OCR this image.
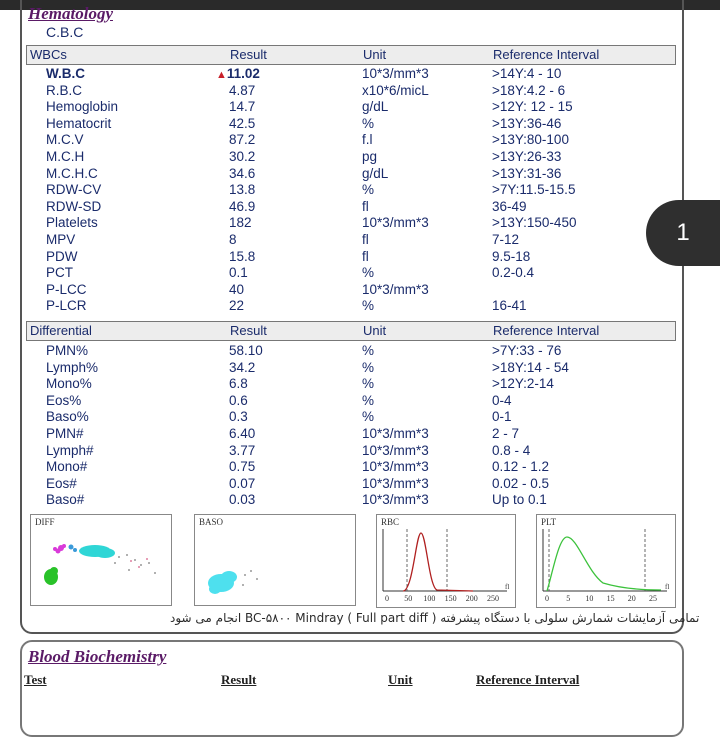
Hematology
C.B.C
WBCs	Result	Unit	Reference Interval
W.B.C	▲11.02	10*3/mm*3	>14Y:4 - 10
R.B.C	4.87	x10*6/micL	>18Y:4.2 - 6
Hemoglobin	14.7	g/dL	>12Y: 12 - 15
Hematocrit	42.5	%	>13Y:36-46
M.C.V	87.2	f.l	>13Y:80-100
M.C.H	30.2	pg	>13Y:26-33
M.C.H.C	34.6	g/dL	>13Y:31-36
RDW-CV	13.8	%	>7Y:11.5-15.5
RDW-SD	46.9	fl	36-49
Platelets	182	10*3/mm*3	>13Y:150-450
MPV	8	fl	7-12
PDW	15.8	fl	9.5-18
PCT	0.1	%	0.2-0.4
P-LCC	40	10*3/mm*3
P-LCR	22	%	16-41
Differential	Result	Unit	Reference Interval
PMN%	58.10	%	>7Y:33 - 76
Lymph%	34.2	%	>18Y:14 - 54
Mono%	6.8	%	>12Y:2-14
Eos%	0.6	%	0-4
Baso%	0.3	%	0-1
PMN#	6.40	10*3/mm*3	2 - 7
Lymph#	3.77	10*3/mm*3	0.8 - 4
Mono#	0.75	10*3/mm*3	0.12 - 1.2
Eos#	0.07	10*3/mm*3	0.02 - 0.5
Baso#	0.03	10*3/mm*3	Up to 0.1
DIFF	BASO	RBC
0 50 100 150 200 250
fl
PLT
0 5 10 15 20 25
fl
تمامی آزمایشات شمارش سلولی با دستگاه پیشرفته BC-۵۸۰۰ Mindray ( Full part diff ) انجام می شود
Blood Biochemistry
Test	Result	Unit	Reference Interval
1
